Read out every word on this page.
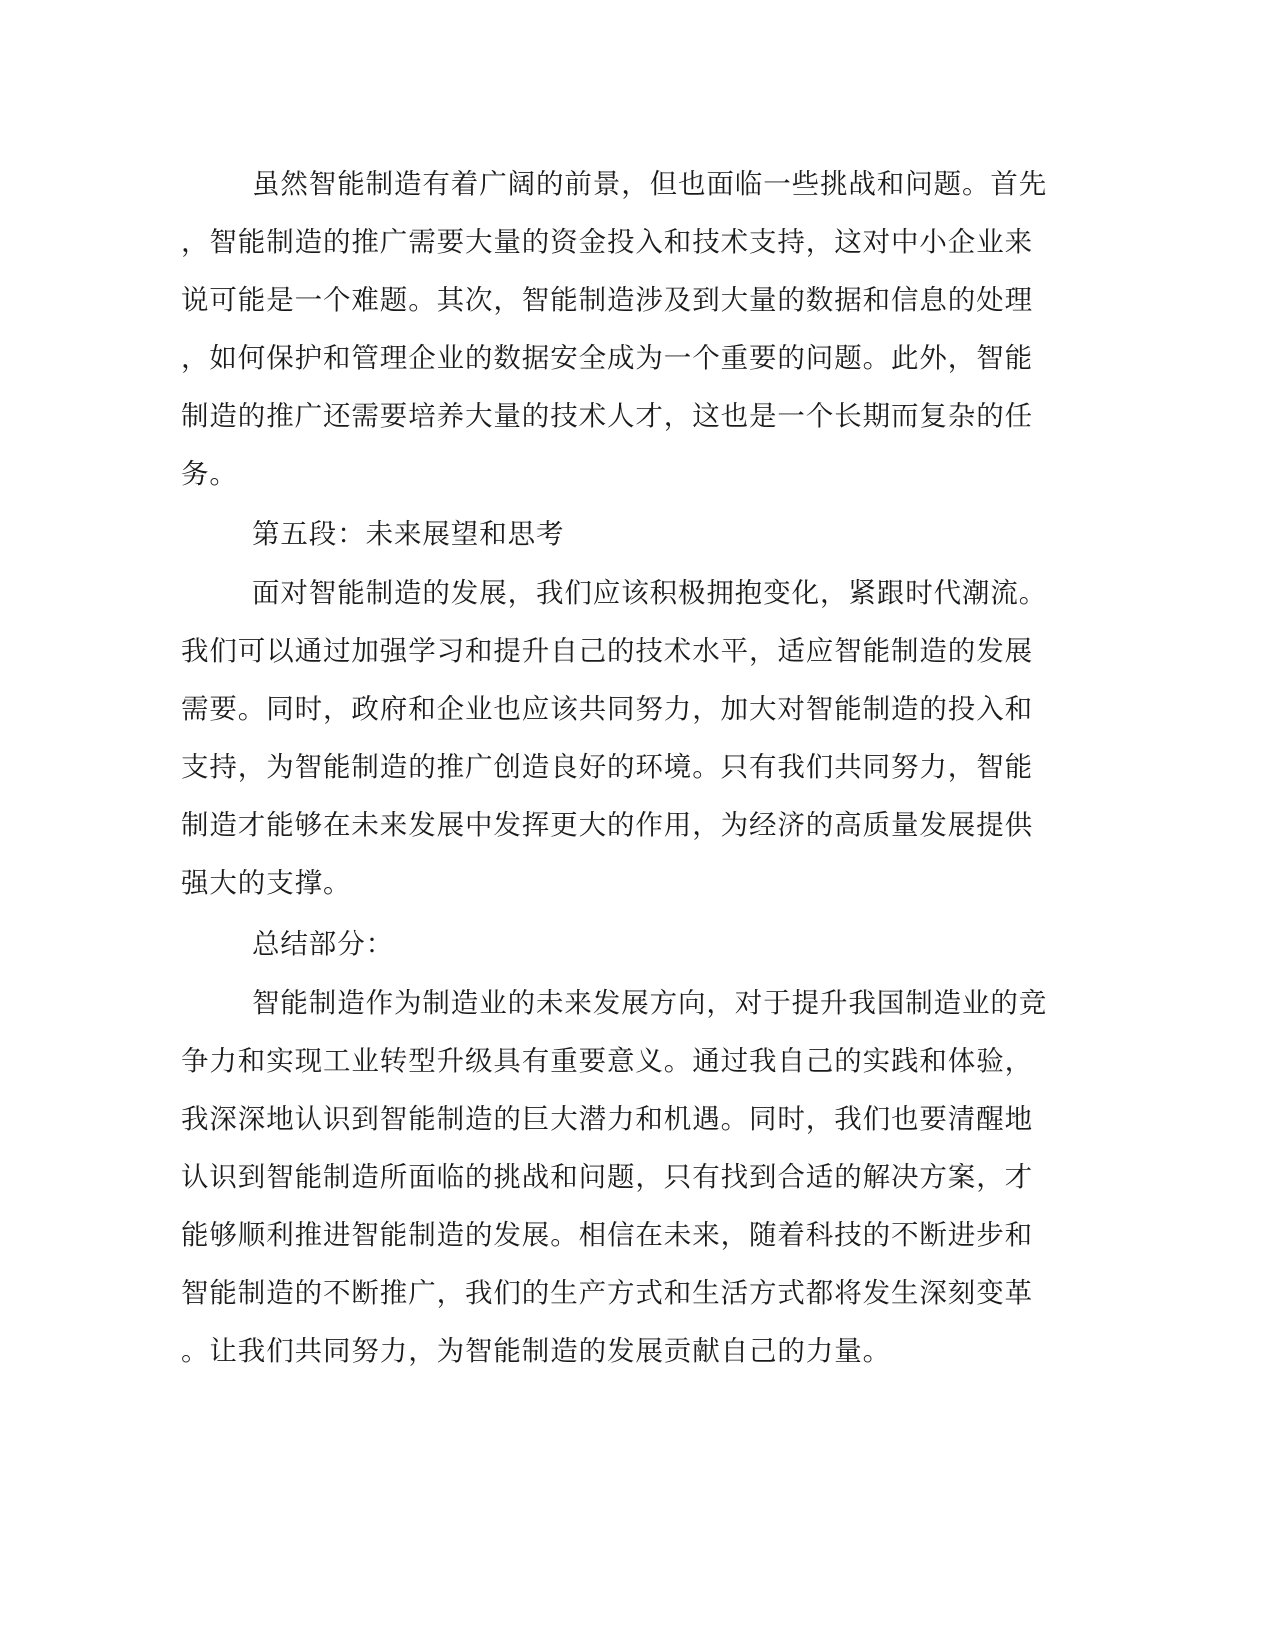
虽然智能制造有着广阔的前景，但也面临一些挑战和问题。首先
，智能制造的推广需要大量的资金投入和技术支持，这对中小企业来
说可能是一个难题。其次，智能制造涉及到大量的数据和信息的处理
，如何保护和管理企业的数据安全成为一个重要的问题。此外，智能
制造的推广还需要培养大量的技术人才，这也是一个长期而复杂的任
务。
第五段：未来展望和思考
面对智能制造的发展，我们应该积极拥抱变化，紧跟时代潮流。
我们可以通过加强学习和提升自己的技术水平，适应智能制造的发展
需要。同时，政府和企业也应该共同努力，加大对智能制造的投入和
支持，为智能制造的推广创造良好的环境。只有我们共同努力，智能
制造才能够在未来发展中发挥更大的作用，为经济的高质量发展提供
强大的支撑。
总结部分：
智能制造作为制造业的未来发展方向，对于提升我国制造业的竞
争力和实现工业转型升级具有重要意义。通过我自己的实践和体验，
我深深地认识到智能制造的巨大潜力和机遇。同时，我们也要清醒地
认识到智能制造所面临的挑战和问题，只有找到合适的解决方案，才
能够顺利推进智能制造的发展。相信在未来，随着科技的不断进步和
智能制造的不断推广，我们的生产方式和生活方式都将发生深刻变革
。让我们共同努力，为智能制造的发展贡献自己的力量。
